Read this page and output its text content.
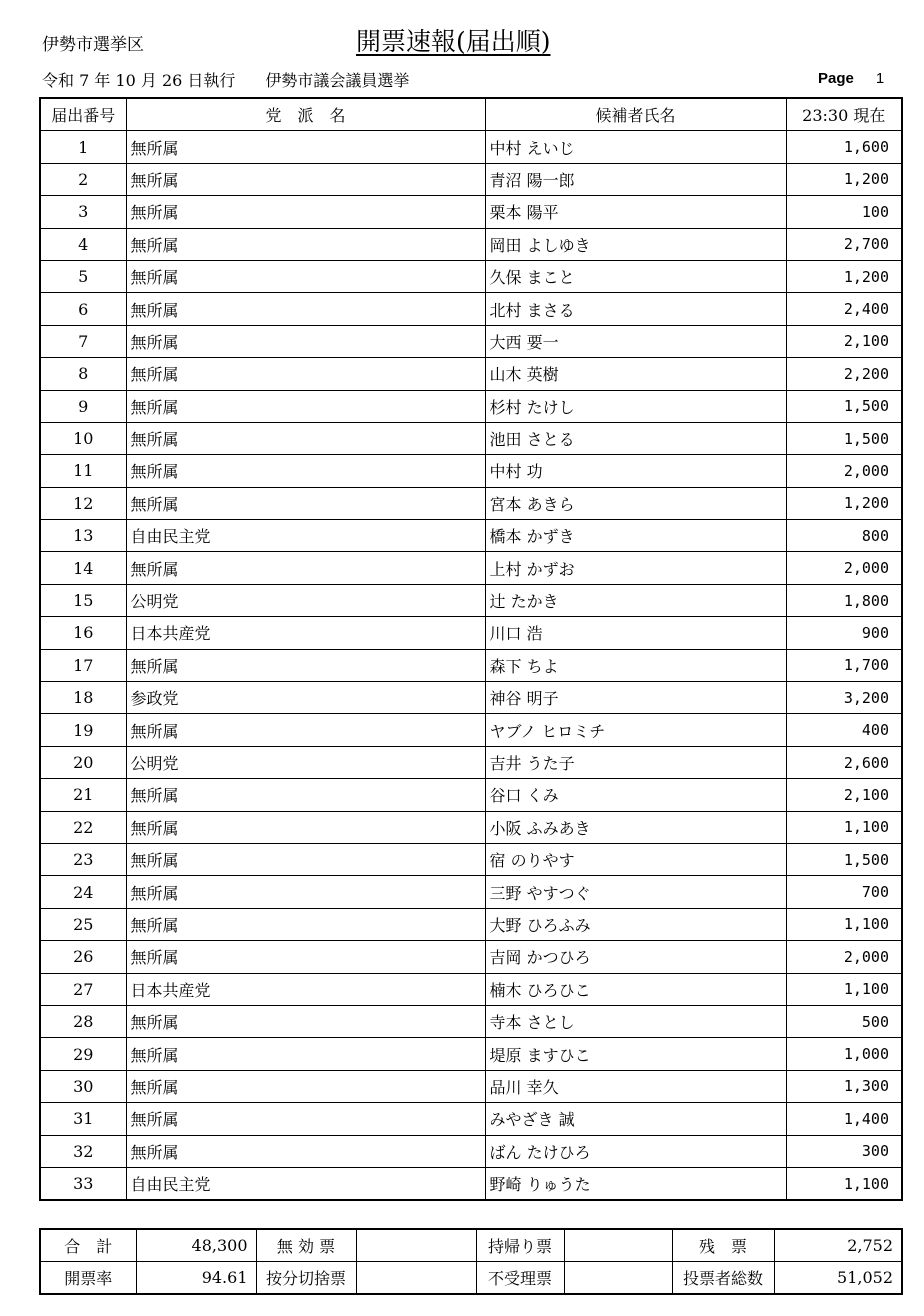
伊勢市選挙区	開票速報(届出順)
令和 7 年 10 月 26 日執行 伊勢市議会議員選挙	Page 1
届出番号	党　派　名	候補者氏名	23:30 現在
1	無所属	中村 えいじ	1,600
2	無所属	青沼 陽一郎	1,200
3	無所属	栗本 陽平	100
4	無所属	岡田 よしゆき	2,700
5	無所属	久保 まこと	1,200
6	無所属	北村 まさる	2,400
7	無所属	大西 要一	2,100
8	無所属	山木 英樹	2,200
9	無所属	杉村 たけし	1,500
10	無所属	池田 さとる	1,500
11	無所属	中村 功	2,000
12	無所属	宮本 あきら	1,200
13	自由民主党	橋本 かずき	800
14	無所属	上村 かずお	2,000
15	公明党	辻 たかき	1,800
16	日本共産党	川口 浩	900
17	無所属	森下 ちよ	1,700
18	参政党	神谷 明子	3,200
19	無所属	ヤブノ ヒロミチ	400
20	公明党	吉井 うた子	2,600
21	無所属	谷口 くみ	2,100
22	無所属	小阪 ふみあき	1,100
23	無所属	宿 のりやす	1,500
24	無所属	三野 やすつぐ	700
25	無所属	大野 ひろふみ	1,100
26	無所属	吉岡 かつひろ	2,000
27	日本共産党	楠木 ひろひこ	1,100
28	無所属	寺本 さとし	500
29	無所属	堤原 ますひこ	1,000
30	無所属	品川 幸久	1,300
31	無所属	みやざき 誠	1,400
32	無所属	ばん たけひろ	300
33	自由民主党	野崎 りゅうた	1,100
合　計	48,300	無 効 票		持帰り票		残　票	2,752
開票率	94.61	按分切捨票		不受理票		投票者総数	51,052
